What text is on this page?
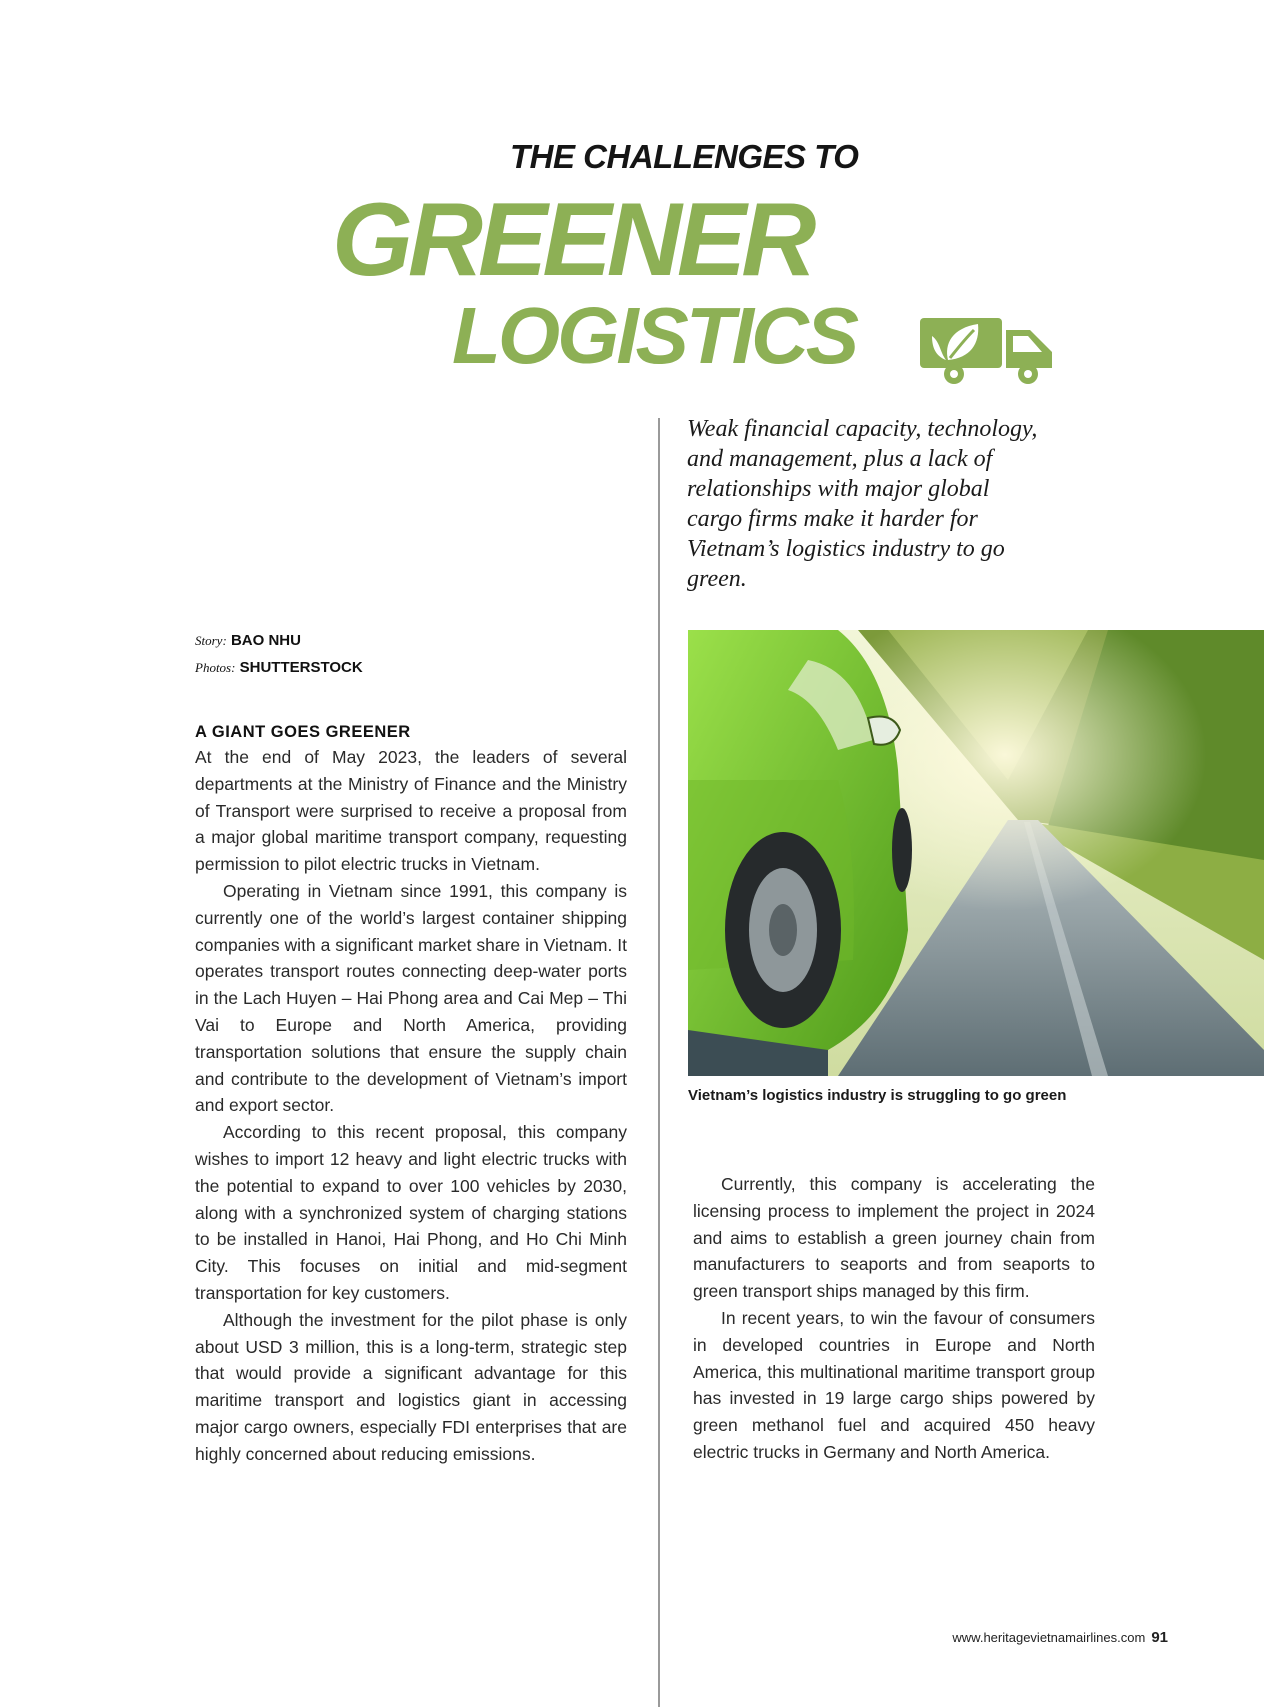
THE CHALLENGES TO
GREENER
LOGISTICS
Weak financial capacity, technology, and management, plus a lack of relationships with major global cargo firms make it harder for Vietnam’s logistics industry to go green.
Story: BAO NHU
Photos: SHUTTERSTOCK
Vietnam’s logistics industry is struggling to go green
A GIANT GOES GREENER

At the end of May 2023, the leaders of several departments at the Ministry of Finance and the Ministry of Transport were surprised to receive a proposal from a major global maritime transport company, requesting permission to pilot electric trucks in Vietnam.

Operating in Vietnam since 1991, this company is currently one of the world’s largest container shipping companies with a significant market share in Vietnam. It operates transport routes connecting deep-water ports in the Lach Huyen – Hai Phong area and Cai Mep – Thi Vai to Europe and North America, providing transportation solutions that ensure the supply chain and contribute to the development of Vietnam’s import and export sector.

According to this recent proposal, this company wishes to import 12 heavy and light electric trucks with the potential to expand to over 100 vehicles by 2030, along with a synchronized system of charging stations to be installed in Hanoi, Hai Phong, and Ho Chi Minh City. This focuses on initial and mid-segment transportation for key customers.

Although the investment for the pilot phase is only about USD 3 million, this is a long-term, strategic step that would provide a significant advantage for this maritime transport and logistics giant in accessing major cargo owners, especially FDI enterprises that are highly concerned about reducing emissions.

Currently, this company is accelerating the licensing process to implement the project in 2024 and aims to establish a green journey chain from manufacturers to seaports and from seaports to green transport ships managed by this firm.

In recent years, to win the favour of consumers in developed countries in Europe and North America, this multinational maritime transport group has invested in 19 large cargo ships powered by green methanol fuel and acquired 450 heavy electric trucks in Germany and North America.

www.heritagevietnamairlines.com 91
